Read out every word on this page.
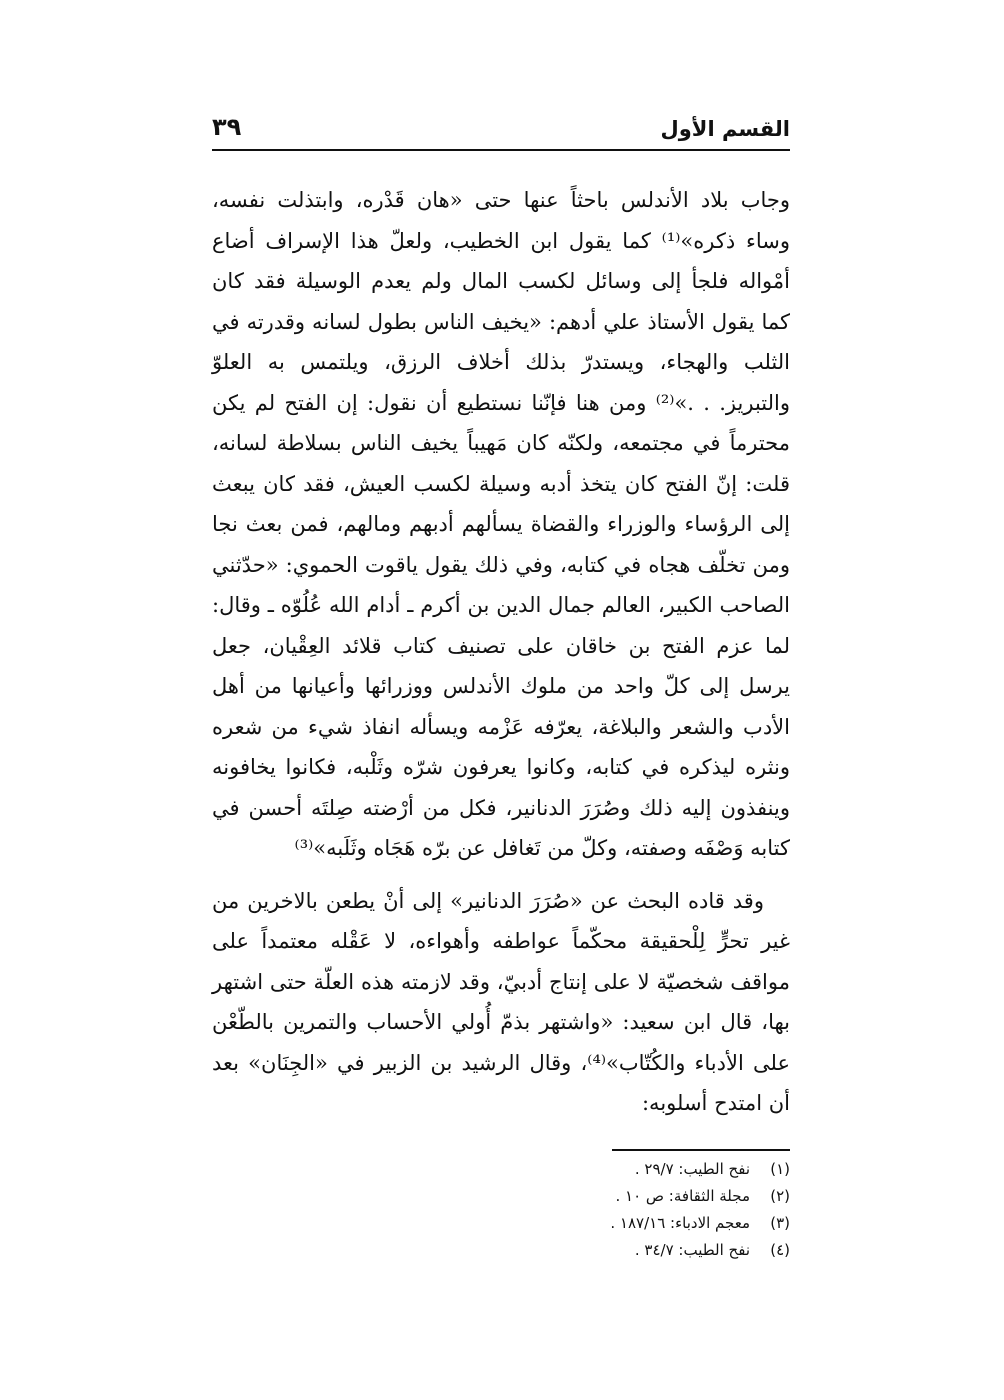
القسم الأول
٣٩

وجاب بلاد الأندلس باحثاً عنها حتى «هان قَدْره، وابتذلت نفسه، وساء ذكره»⁽¹⁾ كما يقول ابن الخطيب، ولعلّ هذا الإسراف أضاع أمْواله فلجأ إلى وسائل لكسب المال ولم يعدم الوسيلة فقد كان كما يقول الأستاذ علي أدهم: «يخيف الناس بطول لسانه وقدرته في الثلب والهجاء، ويستدرّ بذلك أخلاف الرزق، ويلتمس به العلوّ والتبريز. . .»⁽²⁾ ومن هنا فإنّنا نستطيع أن نقول: إن الفتح لم يكن محترماً في مجتمعه، ولكنّه كان مَهيباً يخيف الناس بسلاطة لسانه، قلت: إنّ الفتح كان يتخذ أدبه وسيلة لكسب العيش، فقد كان يبعث إلى الرؤساء والوزراء والقضاة يسألهم أدبهم ومالهم، فمن بعث نجا ومن تخلّف هجاه في كتابه، وفي ذلك يقول ياقوت الحموي: «حدّثني الصاحب الكبير، العالم جمال الدين بن أكرم ـ أدام الله عُلُوّه ـ وقال: لما عزم الفتح بن خاقان على تصنيف كتاب قلائد العِقْيان، جعل يرسل إلى كلّ واحد من ملوك الأندلس ووزرائها وأعيانها من أهل الأدب والشعر والبلاغة، يعرّفه عَزْمه ويسأله انفاذ شيء من شعره ونثره ليذكره في كتابه، وكانوا يعرفون شرّه وثَلْبه، فكانوا يخافونه وينفذون إليه ذلك وصُرَرَ الدنانير، فكل من أرْضته صِلتَه أحسن في كتابه وَصْفَه وصفته، وكلّ من تَغافل عن برّه هَجَاه وثَلَبه»⁽³⁾

وقد قاده البحث عن «صُرَرَ الدنانير» إلى أنْ يطعن بالاخرين من غير تحرٍّ لِلْحقيقة محكّماً عواطفه وأهواءه، لا عَقْله معتمداً على مواقف شخصيّة لا على إنتاج أدبيّ، وقد لازمته هذه العلّة حتى اشتهر بها، قال ابن سعيد: «واشتهر بذمّ أُولي الأحساب والتمرين بالطّعْن على الأدباء والكُتّاب»⁽⁴⁾، وقال الرشيد بن الزبير في «الجِنَان» بعد أن امتدح أسلوبه:

(١)
نفح الطيب: ٢٩/٧ .
(٢)
مجلة الثقافة: ص ١٠ .
(٣)
معجم الادباء: ١٨٧/١٦ .
(٤)
نفح الطيب: ٣٤/٧ .
